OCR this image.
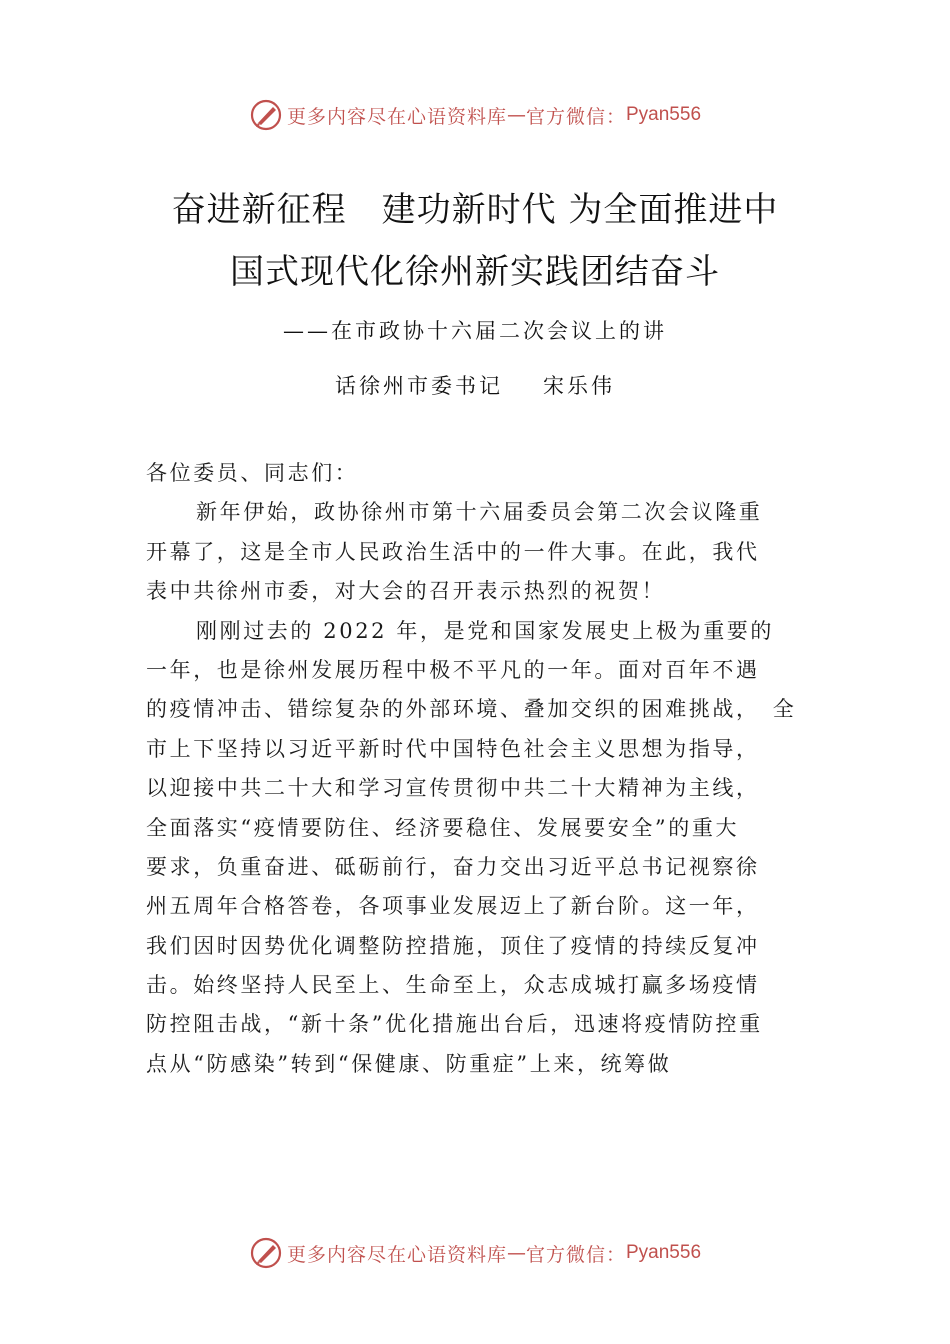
更多内容尽在心语资料库 — 官方微信： Pyan556
奋进新征程　建功新时代 为全面推进中
国式现代化徐州新实践团结奋斗
——在市政协十六届二次会议上的讲
话徐州市委书记 宋乐伟
各位委员、同志们：
新年伊始，政协徐州市第十六届委员会第二次会议隆重
开幕了，这是全市人民政治生活中的一件大事。在此，我代
表中共徐州市委，对大会的召开表示热烈的祝贺！
刚刚过去的 2022 年，是党和国家发展史上极为重要的
一年，也是徐州发展历程中极不平凡的一年。面对百年不遇
的疫情冲击、错综复杂的外部环境、叠加交织的困难挑战，　全
市上下坚持以习近平新时代中国特色社会主义思想为指导，
以迎接中共二十大和学习宣传贯彻中共二十大精神为主线，
全面落实“疫情要防住、经济要稳住、发展要安全”的重大
要求，负重奋进、砥砺前行，奋力交出习近平总书记视察徐
州五周年合格答卷，各项事业发展迈上了新台阶。这一年，
我们因时因势优化调整防控措施，顶住了疫情的持续反复冲
击。始终坚持人民至上、生命至上，众志成城打赢多场疫情
防控阻击战，“新十条”优化措施出台后，迅速将疫情防控重
点从“防感染”转到“保健康、防重症”上来，统筹做
更多内容尽在心语资料库 — 官方微信： Pyan556
